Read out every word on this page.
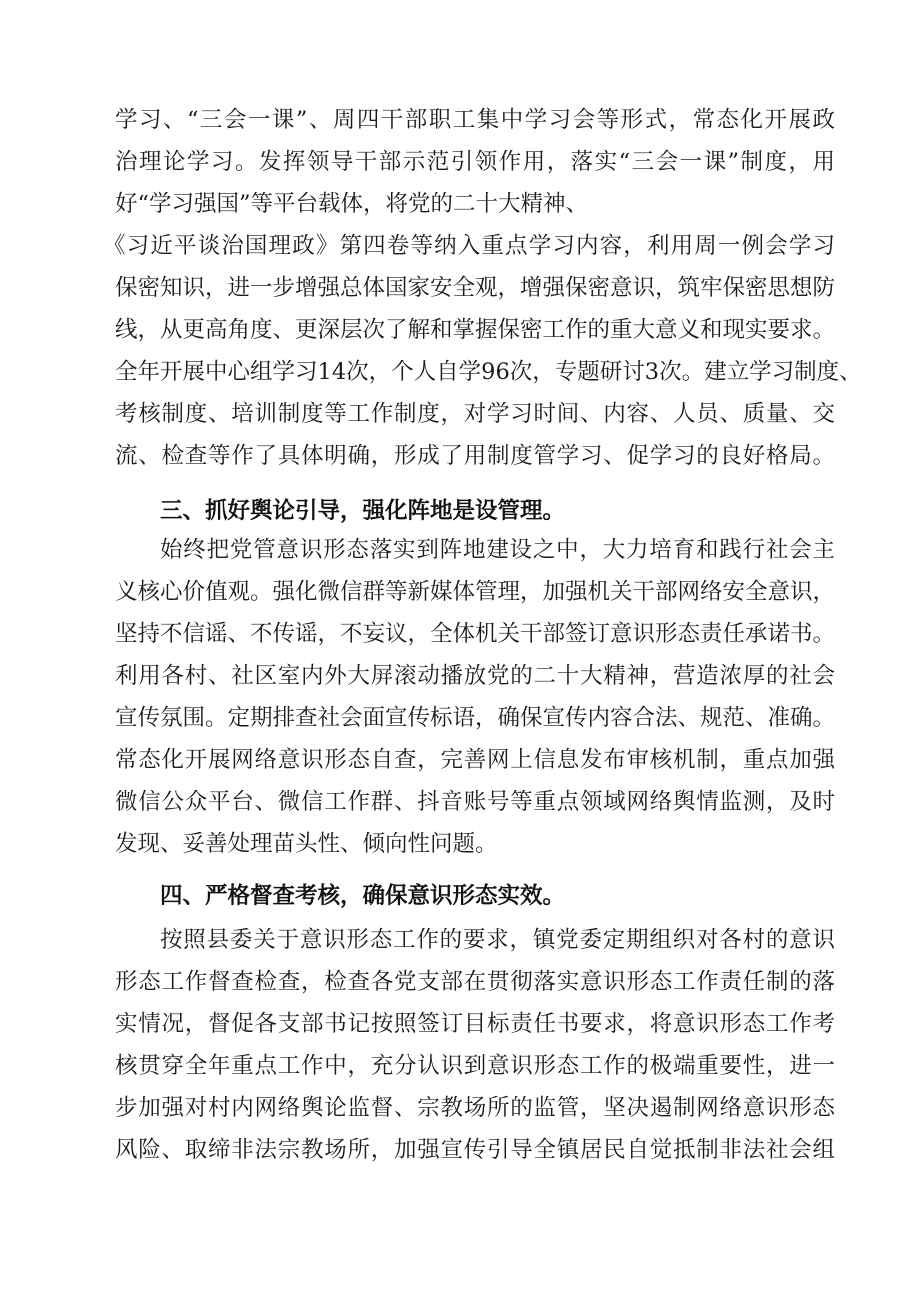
学习、“三会一课”、周四干部职工集中学习会等形式，常态化开展政
治理论学习。发挥领导干部示范引领作用，落实“三会一课”制度，用
好“学习强国”等平台载体，将党的二十大精神、
《习近平谈治国理政》第四卷等纳入重点学习内容，利用周一例会学习
保密知识，进一步增强总体国家安全观，增强保密意识，筑牢保密思想防
线，从更高角度、更深层次了解和掌握保密工作的重大意义和现实要求。
全年开展中心组学习14次，个人自学96次，专题研讨3次。建立学习制度、
考核制度、培训制度等工作制度，对学习时间、内容、人员、质量、交
流、检查等作了具体明确，形成了用制度管学习、促学习的良好格局。
三、抓好舆论引导，强化阵地是设管理。
始终把党管意识形态落实到阵地建设之中，大力培育和践行社会主
义核心价值观。强化微信群等新媒体管理，加强机关干部网络安全意识，
坚持不信谣、不传谣，不妄议，全体机关干部签订意识形态责任承诺书。
利用各村、社区室内外大屏滚动播放党的二十大精神，营造浓厚的社会
宣传氛围。定期排查社会面宣传标语，确保宣传内容合法、规范、准确。
常态化开展网络意识形态自查，完善网上信息发布审核机制，重点加强
微信公众平台、微信工作群、抖音账号等重点领域网络舆情监测，及时
发现、妥善处理苗头性、倾向性问题。
四、严格督查考核，确保意识形态实效。
按照县委关于意识形态工作的要求，镇党委定期组织对各村的意识
形态工作督查检查，检查各党支部在贯彻落实意识形态工作责任制的落
实情况，督促各支部书记按照签订目标责任书要求，将意识形态工作考
核贯穿全年重点工作中，充分认识到意识形态工作的极端重要性，进一
步加强对村内网络舆论监督、宗教场所的监管，坚决遏制网络意识形态
风险、取缔非法宗教场所，加强宣传引导全镇居民自觉抵制非法社会组
